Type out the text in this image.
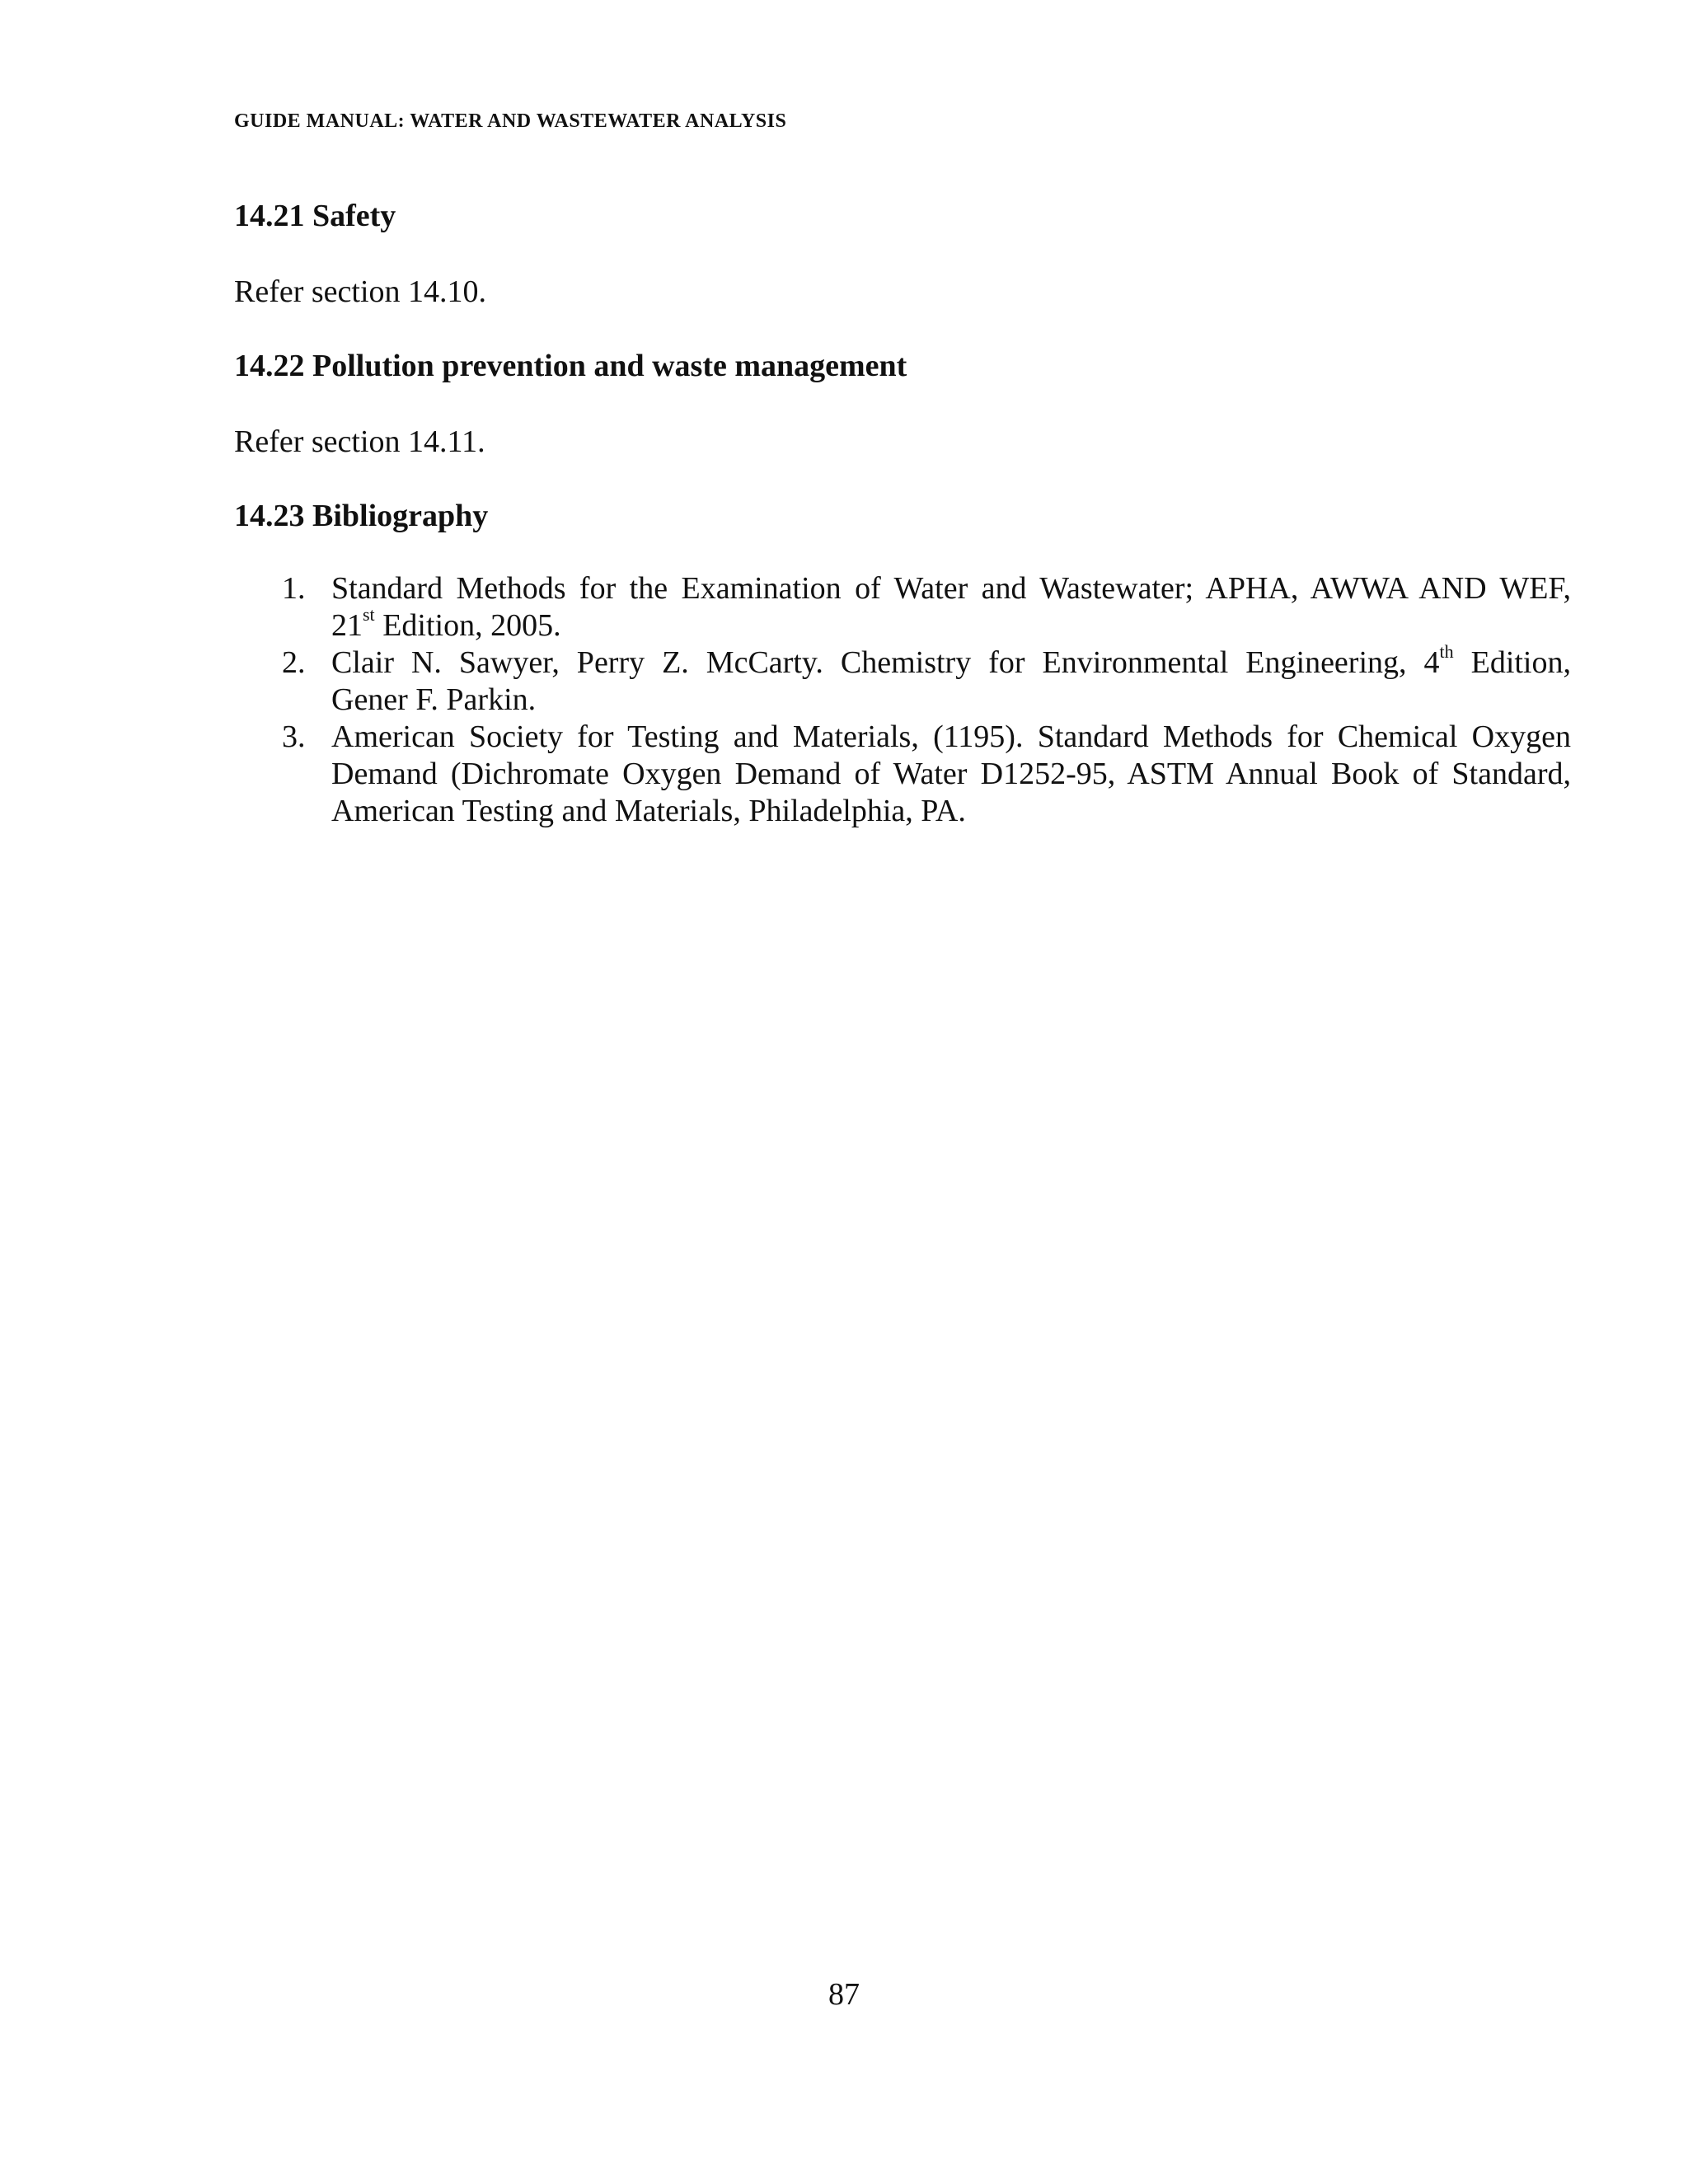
GUIDE MANUAL: WATER AND WASTEWATER ANALYSIS
14.21 Safety
Refer section 14.10.
14.22 Pollution prevention and waste management
Refer section 14.11.
14.23 Bibliography
1. Standard Methods for the Examination of Water and Wastewater; APHA, AWWA AND WEF,
21st Edition, 2005.
2. Clair N. Sawyer, Perry Z. McCarty. Chemistry for Environmental Engineering, 4th Edition,
Gener F. Parkin.
3. American Society for Testing and Materials, (1195). Standard Methods for Chemical Oxygen
Demand (Dichromate Oxygen Demand of Water D1252-95, ASTM Annual Book of Standard,
American Testing and Materials, Philadelphia, PA.
87
